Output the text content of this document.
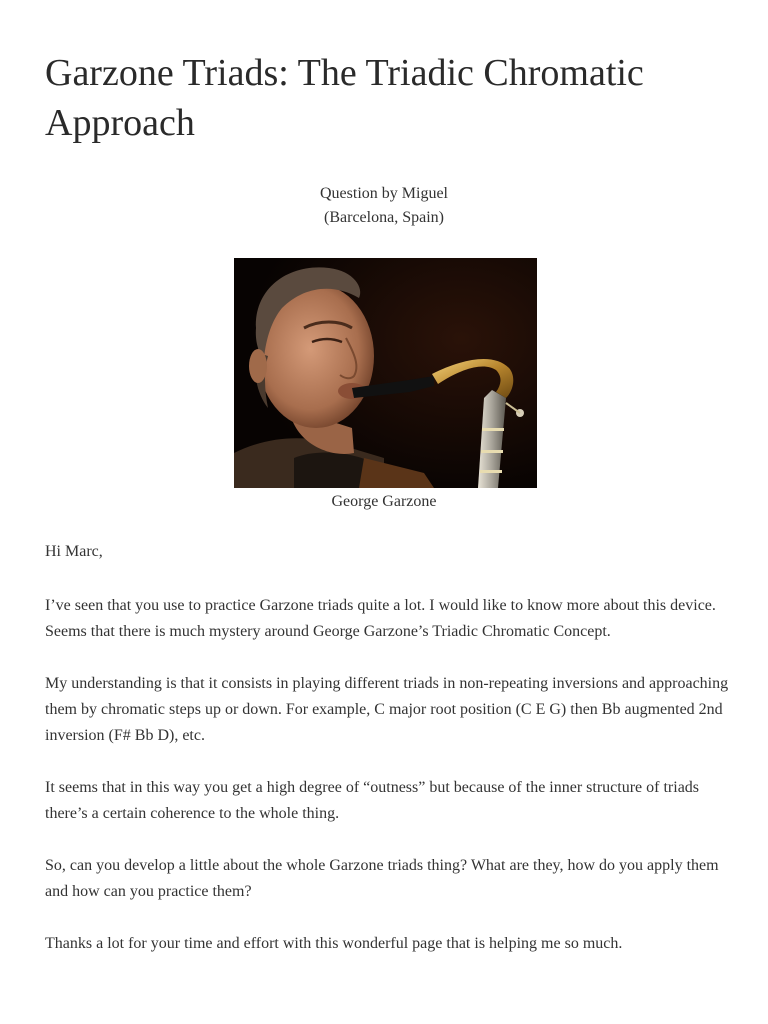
Garzone Triads: The Triadic Chromatic Approach
Question by Miguel
(Barcelona, Spain)
George Garzone

Hi Marc,

I’ve seen that you use to practice Garzone triads quite a lot. I would like to know more about this device. Seems that there is much mystery around George Garzone’s Triadic Chromatic Concept.

My understanding is that it consists in playing different triads in non-repeating inversions and approaching them by chromatic steps up or down. For example, C major root position (C E G) then Bb augmented 2nd inversion (F# Bb D), etc.

It seems that in this way you get a high degree of “outness” but because of the inner structure of triads there’s a certain coherence to the whole thing.

So, can you develop a little about the whole Garzone triads thing? What are they, how do you apply them and how can you practice them?

Thanks a lot for your time and effort with this wonderful page that is helping me so much.
